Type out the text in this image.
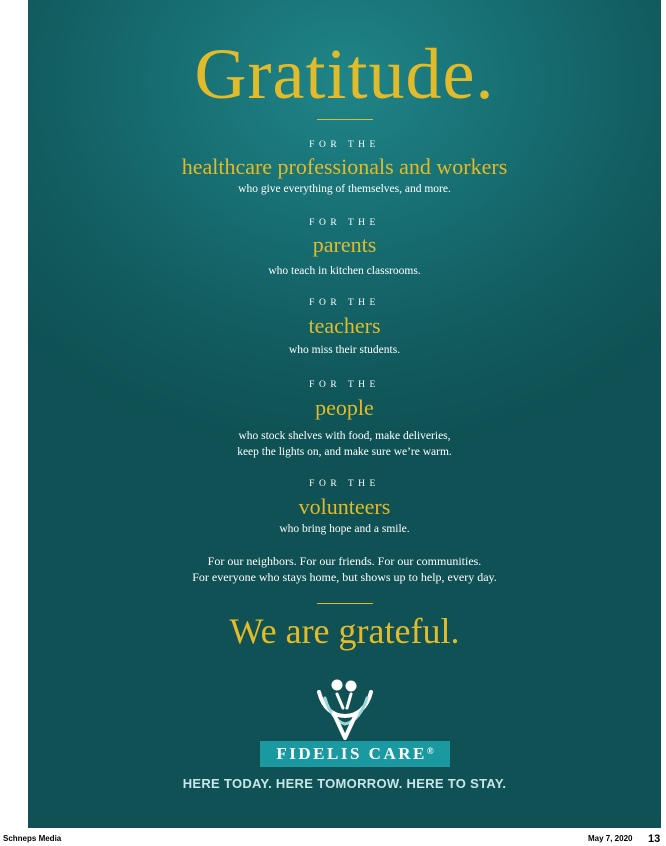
Gratitude.
FOR THE
healthcare professionals and workers
who give everything of themselves, and more.
FOR THE
parents
who teach in kitchen classrooms.
FOR THE
teachers
who miss their students.
FOR THE
people
who stock shelves with food, make deliveries,
keep the lights on, and make sure we’re warm.
FOR THE
volunteers
who bring hope and a smile.
For our neighbors. For our friends. For our communities.
For everyone who stays home, but shows up to help, every day.
We are grateful.
FIDELIS CARE®
HERE TODAY. HERE TOMORROW. HERE TO STAY.
Schneps Media	May 7, 2020 13
